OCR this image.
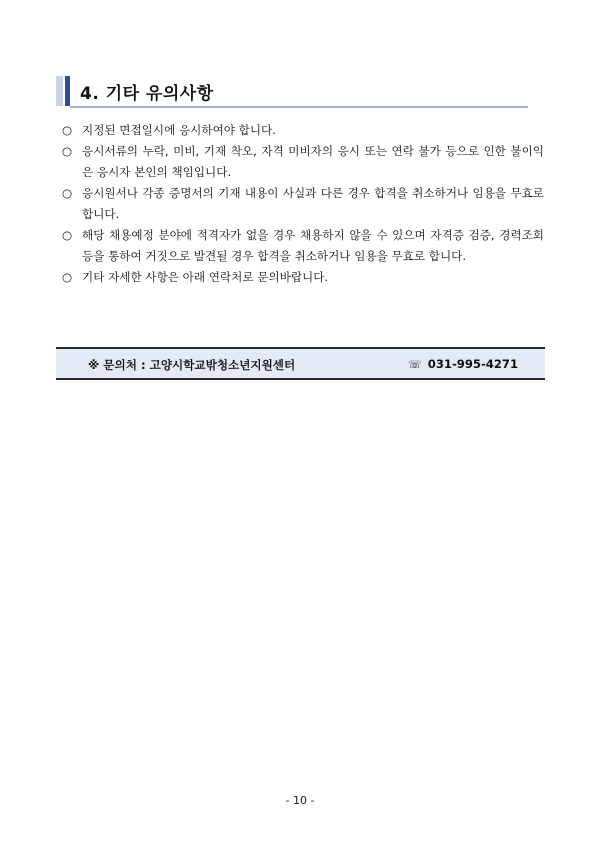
4. 기타 유의사항
○ 지정된 면접일시에 응시하여야 합니다.
○ 응시서류의 누락, 미비, 기재 착오, 자격 미비자의 응시 또는 연락 불가 등으로 인한 불이익은 응시자 본인의 책임입니다.
○ 응시원서나 각종 증명서의 기재 내용이 사실과 다른 경우 합격을 취소하거나 임용을 무효로 합니다.
○ 해당 채용예정 분야에 적격자가 없을 경우 채용하지 않을 수 있으며 자격증 검증, 경력조회 등을 통하여 거짓으로 발견될 경우 합격을 취소하거나 임용을 무효로 합니다.
○ 기타 자세한 사항은 아래 연락처로 문의바랍니다.
※ 문의처 : 고양시학교밖청소년지원센터	☏ 031-995-4271
- 10 -
